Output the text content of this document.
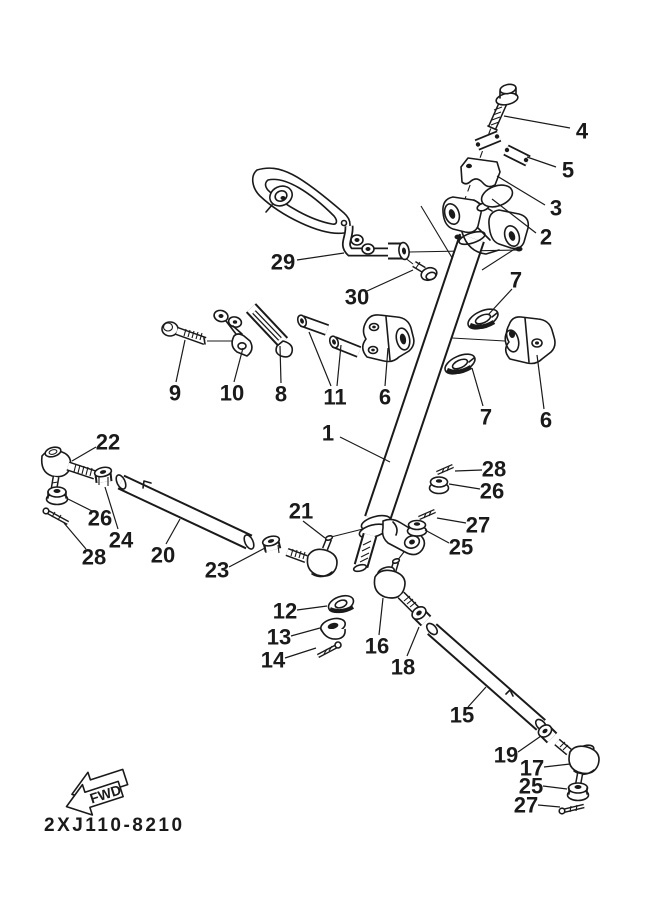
FWD
2XJ110-8210
1
2
3
4
5
6
7
6
7
8
9 10	11
12
13
14
15
16
17
18
19
20
21
22
23
24	25
26
27
28
26
28
29
30
25
27
